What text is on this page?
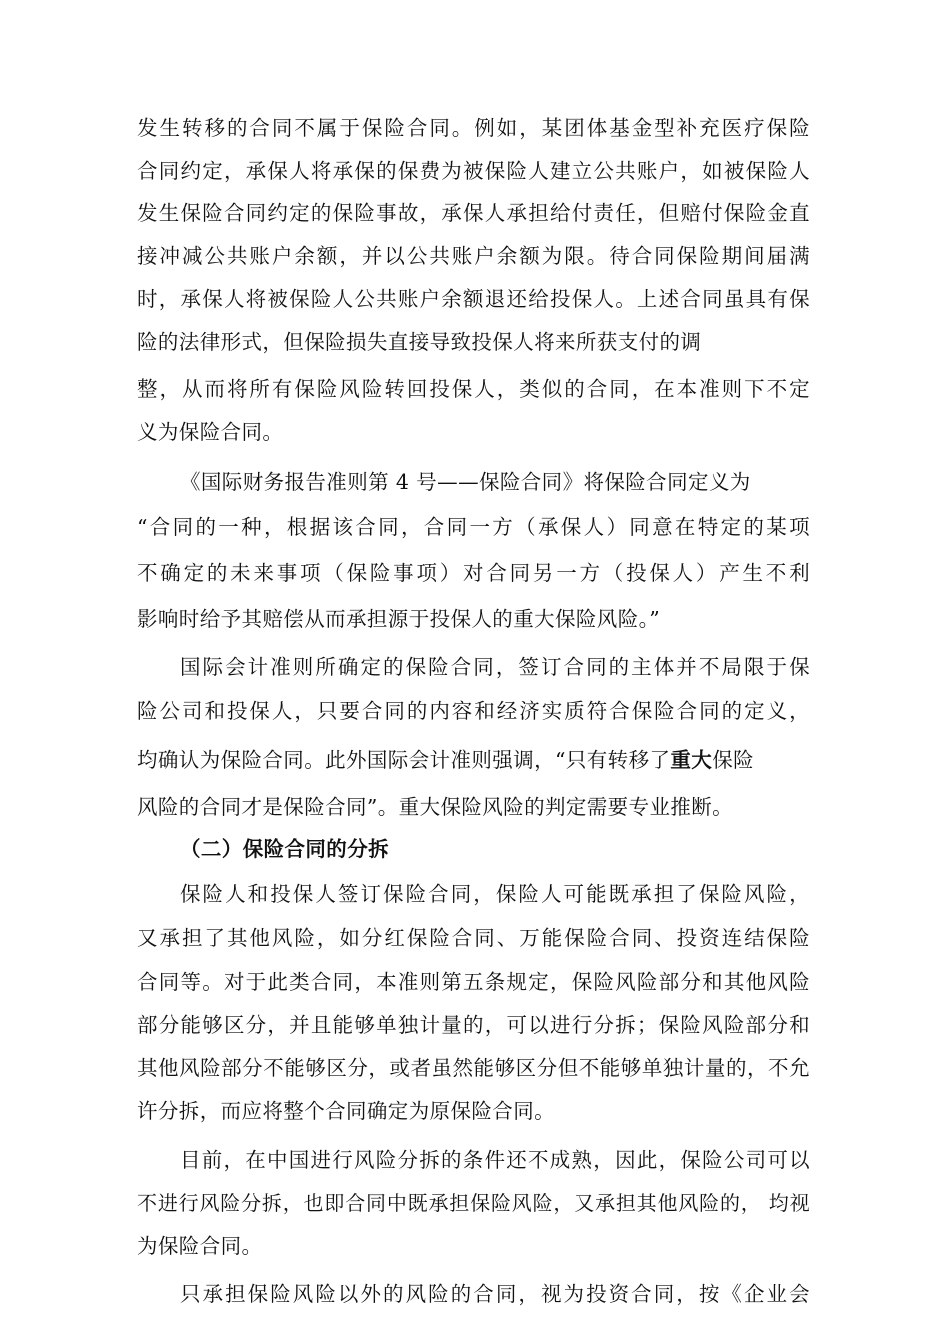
发生转移的合同不属于保险合同。例如，某团体基金型补充医疗保险
合同约定，承保人将承保的保费为被保险人建立公共账户，如被保险人
发生保险合同约定的保险事故，承保人承担给付责任，但赔付保险金直
接冲减公共账户余额，并以公共账户余额为限。待合同保险期间届满
时，承保人将被保险人公共账户余额退还给投保人。上述合同虽具有保
险的法律形式，但保险损失直接导致投保人将来所获支付的调
整，从而将所有保险风险转回投保人，类似的合同，在本准则下不定
义为保险合同。
《国际财务报告准则第 4 号——保险合同》将保险合同定义为
“合同的一种，根据该合同，合同一方（承保人）同意在特定的某项
不确定的未来事项（保险事项）对合同另一方（投保人）产生不利
影响时给予其赔偿从而承担源于投保人的重大保险风险。”
国际会计准则所确定的保险合同，签订合同的主体并不局限于保
险公司和投保人，只要合同的内容和经济实质符合保险合同的定义，
均确认为保险合同。此外国际会计准则强调，“只有转移了重大保险
风险的合同才是保险合同”。重大保险风险的判定需要专业推断。
（二）保险合同的分拆
保险人和投保人签订保险合同，保险人可能既承担了保险风险，
又承担了其他风险，如分红保险合同、万能保险合同、投资连结保险
合同等。对于此类合同，本准则第五条规定，保险风险部分和其他风险
部分能够区分，并且能够单独计量的，可以进行分拆；保险风险部分和
其他风险部分不能够区分，或者虽然能够区分但不能够单独计量的，不允
许分拆，而应将整个合同确定为原保险合同。
目前，在中国进行风险分拆的条件还不成熟，因此，保险公司可以
不进行风险分拆，也即合同中既承担保险风险，又承担其他风险的， 均视
为保险合同。
只承担保险风险以外的风险的合同，视为投资合同，按《企业会
